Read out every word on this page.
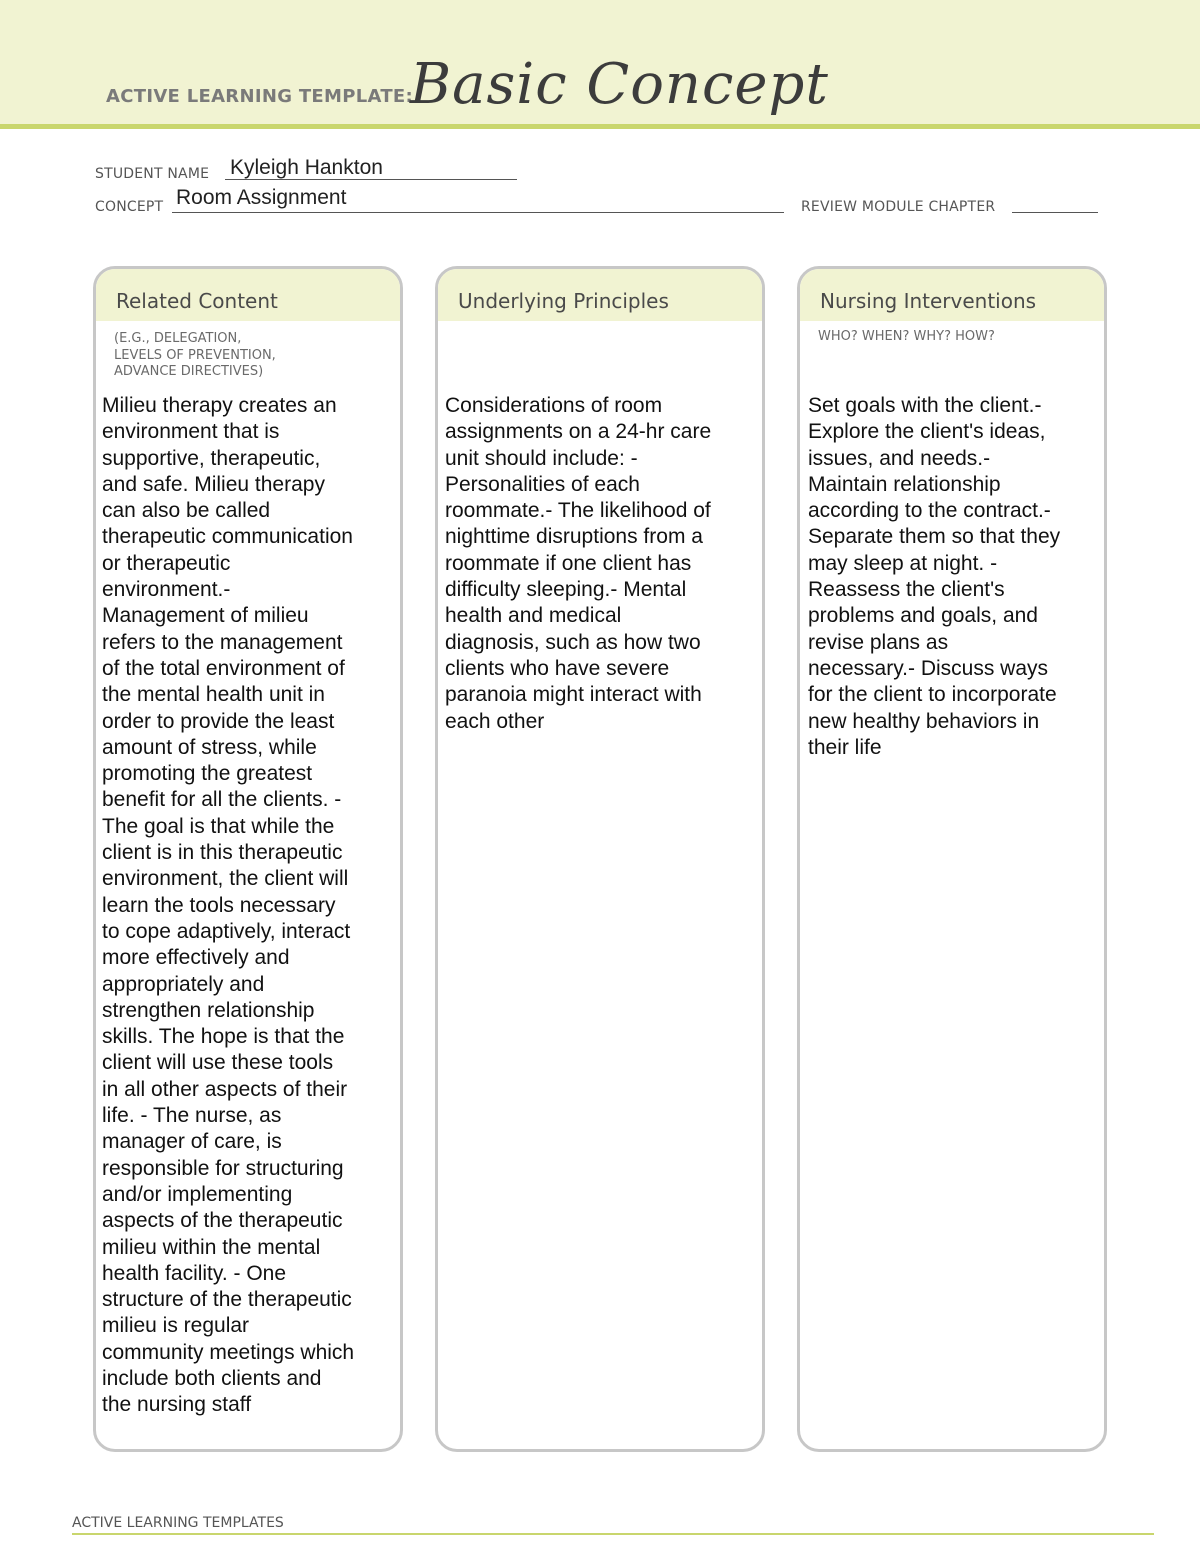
ACTIVE LEARNING TEMPLATE:
Basic Concept
STUDENT NAME Kyleigh Hankton
CONCEPT Room Assignment	REVIEW MODULE CHAPTER
Related Content
(E.G., DELEGATION,
LEVELS OF PREVENTION,
ADVANCE DIRECTIVES)
Milieu therapy creates an
environment that is
supportive, therapeutic,
and safe. Milieu therapy
can also be called
therapeutic communication
or therapeutic
environment.-
Management of milieu
refers to the management
of the total environment of
the mental health unit in
order to provide the least
amount of stress, while
promoting the greatest
benefit for all the clients. -
The goal is that while the
client is in this therapeutic
environment, the client will
learn the tools necessary
to cope adaptively, interact
more effectively and
appropriately and
strengthen relationship
skills. The hope is that the
client will use these tools
in all other aspects of their
life. - The nurse, as
manager of care, is
responsible for structuring
and/or implementing
aspects of the therapeutic
milieu within the mental
health facility. - One
structure of the therapeutic
milieu is regular
community meetings which
include both clients and
the nursing staff
Underlying Principles
Considerations of room
assignments on a 24-hr care
unit should include: -
Personalities of each
roommate.- The likelihood of
nighttime disruptions from a
roommate if one client has
difficulty sleeping.- Mental
health and medical
diagnosis, such as how two
clients who have severe
paranoia might interact with
each other
Nursing Interventions
WHO? WHEN? WHY? HOW?
Set goals with the client.-
Explore the client's ideas,
issues, and needs.-
Maintain relationship
according to the contract.-
Separate them so that they
may sleep at night. -
Reassess the client's
problems and goals, and
revise plans as
necessary.- Discuss ways
for the client to incorporate
new healthy behaviors in
their life
ACTIVE LEARNING TEMPLATES
